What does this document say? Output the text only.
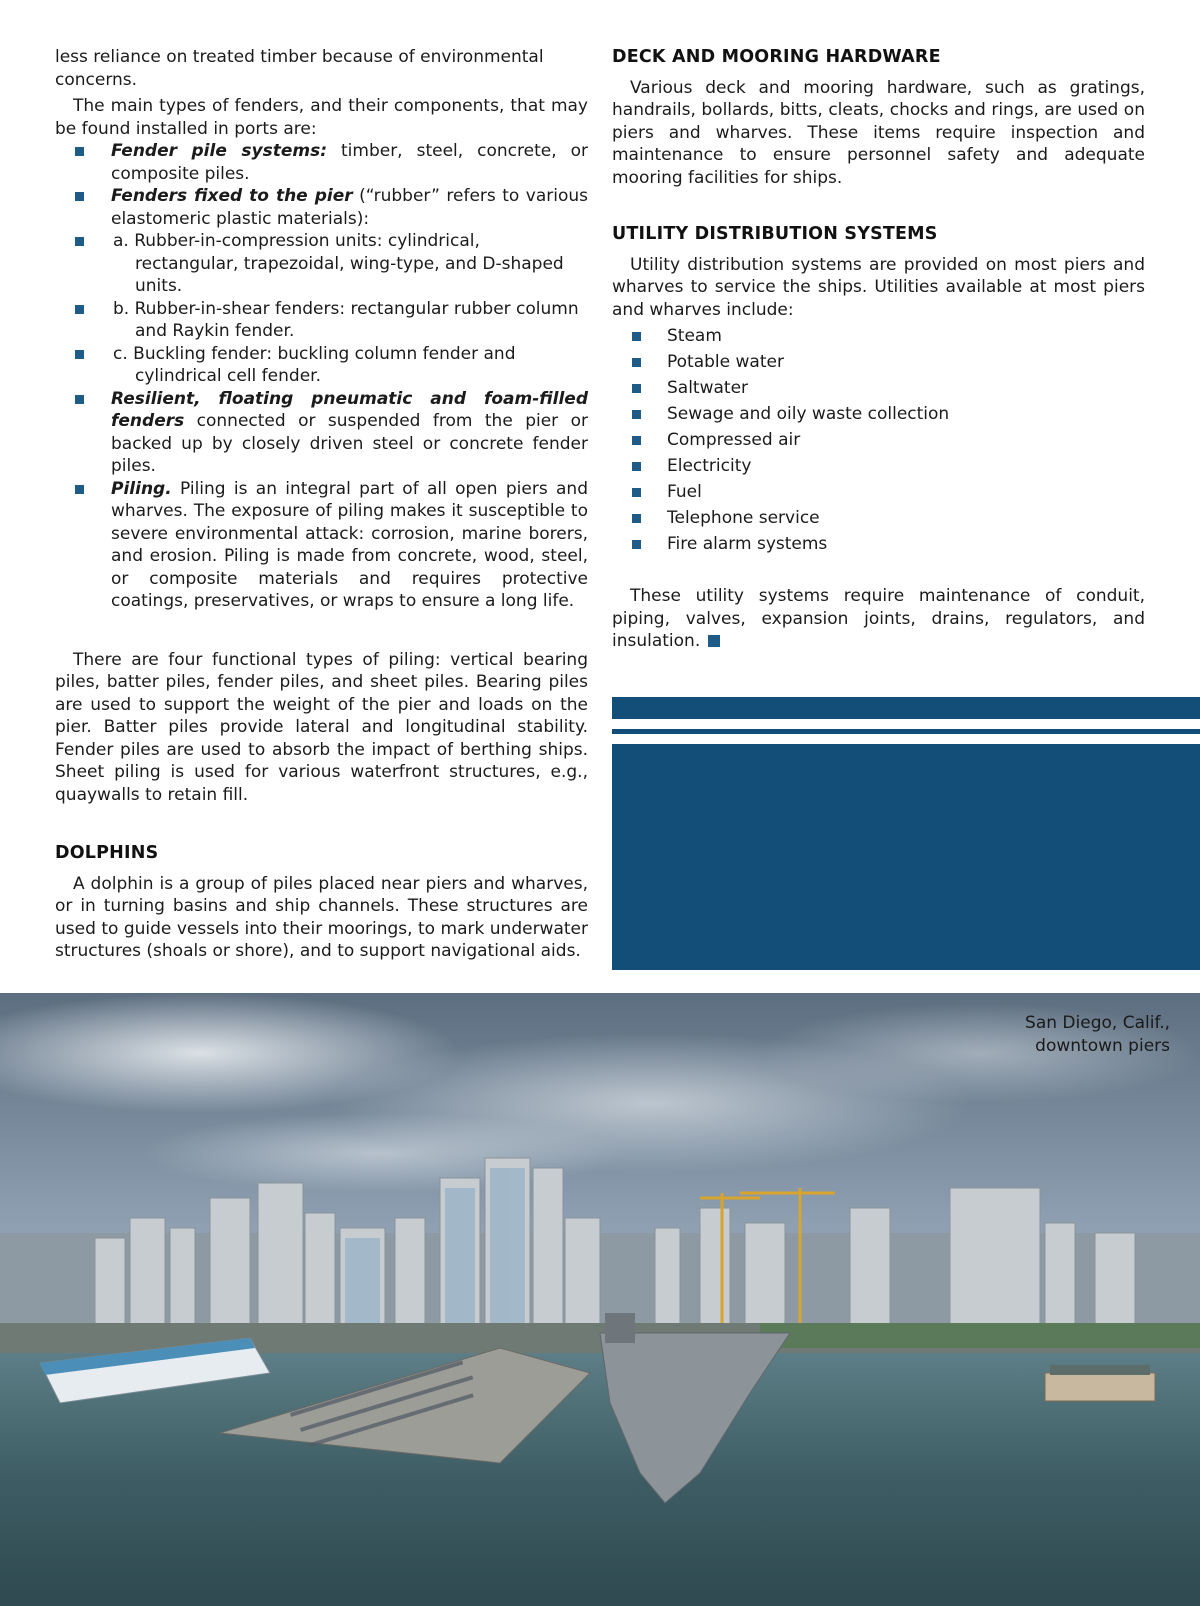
less reliance on treated timber because of environmental concerns.

The main types of fenders, and their components, that may be found installed in ports are:

Fender pile systems: timber, steel, concrete, or composite piles.
Fenders fixed to the pier (“rubber” refers to various elastomeric plastic materials):
a. Rubber-in-compression units: cylindrical, rectangular, trapezoidal, wing-type, and D-shaped units.
b. Rubber-in-shear fenders: rectangular rubber column and Raykin fender.
c. Buckling fender: buckling column fender and cylindrical cell fender.
Resilient, floating pneumatic and foam-filled fenders connected or suspended from the pier or backed up by closely driven steel or concrete fender piles.
Piling. Piling is an integral part of all open piers and wharves. The exposure of piling makes it susceptible to severe environmental attack: corrosion, marine borers, and erosion. Piling is made from concrete, wood, steel, or composite materials and requires protective coatings, preservatives, or wraps to ensure a long life.

There are four functional types of piling: vertical bearing piles, batter piles, fender piles, and sheet piles. Bearing piles are used to support the weight of the pier and loads on the pier. Batter piles provide lateral and longitudinal stability. Fender piles are used to absorb the impact of berthing ships. Sheet piling is used for various waterfront structures, e.g., quaywalls to retain fill.

DOLPHINS

A dolphin is a group of piles placed near piers and wharves, or in turning basins and ship channels. These structures are used to guide vessels into their moorings, to mark underwater structures (shoals or shore), and to support navigational aids.

DECK AND MOORING HARDWARE

Various deck and mooring hardware, such as gratings, handrails, bollards, bitts, cleats, chocks and rings, are used on piers and wharves. These items require inspection and maintenance to ensure personnel safety and adequate mooring facilities for ships.

UTILITY DISTRIBUTION SYSTEMS

Utility distribution systems are provided on most piers and wharves to service the ships. Utilities available at most piers and wharves include:

Steam
Potable water
Saltwater
Sewage and oily waste collection
Compressed air
Electricity
Fuel
Telephone service
Fire alarm systems

These utility systems require maintenance of conduit, piping, valves, expansion joints, drains, regulators, and insulation.

San Diego, Calif.,
downtown piers
